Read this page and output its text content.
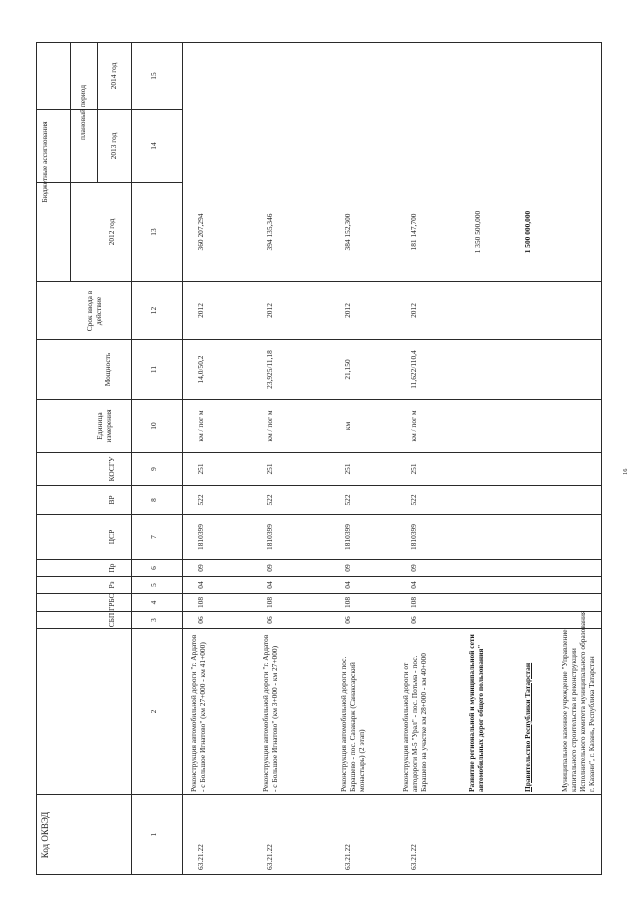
Код ОКВЭД
СБП
ГРБС
Рз
Пр
ЦСР
ВР
КОСГУ
Единица измерения
Мощность
Срок ввода в действие
Бюджетные ассигнования
2012 год
плановый период
2013 год
2014 год
1
2
3
4
5
6
7
8
9
10
11
12
13
14
15
63.21.22
Реконструкция автомобильной дороги "г. Ардатов - с Большое Игнатово" (км 27+000 - км 41+000)
06
108
04
09
1810399
522
251
км / пог м
14,0/50,2
2012
360 207,294
63.21.22
Реконструкция автомобильной дороги "г. Ардатов - с Большое Игнатово" (км 3+000 - км 27+000)
06
108
04
09
1810399
522
251
км / пог м
23,925/11,18
2012
394 135,346
63.21.22
Реконструкция автомобильной дороги пос. Барашево - пос. Сазакарж (Санаксарский монастырь) (2 этап)
06
108
04
09
1810399
522
251
км
21,150
2012
384 152,300
63.21.22
Реконструкция автомобильной дороги от автодороги М-5 "Урал" - пос. Потьма - пос. Барашево на участке км 28+000 - км 40+000
06
108
04
09
1810399
522
251
км / пог м
11,622/110,4
2012
181 147,700
Развитие региональной и муниципальной сети автомобильных дорог общего пользования"
1 350 500,000
Правительство Республики Татарстан
1 500 000,000
Муниципальное казенное учреждение "Управление капитального строительства и реконструкции Исполнительного комитета муниципального образования г. Казани", г. Казань, Республика Татарстан
16
